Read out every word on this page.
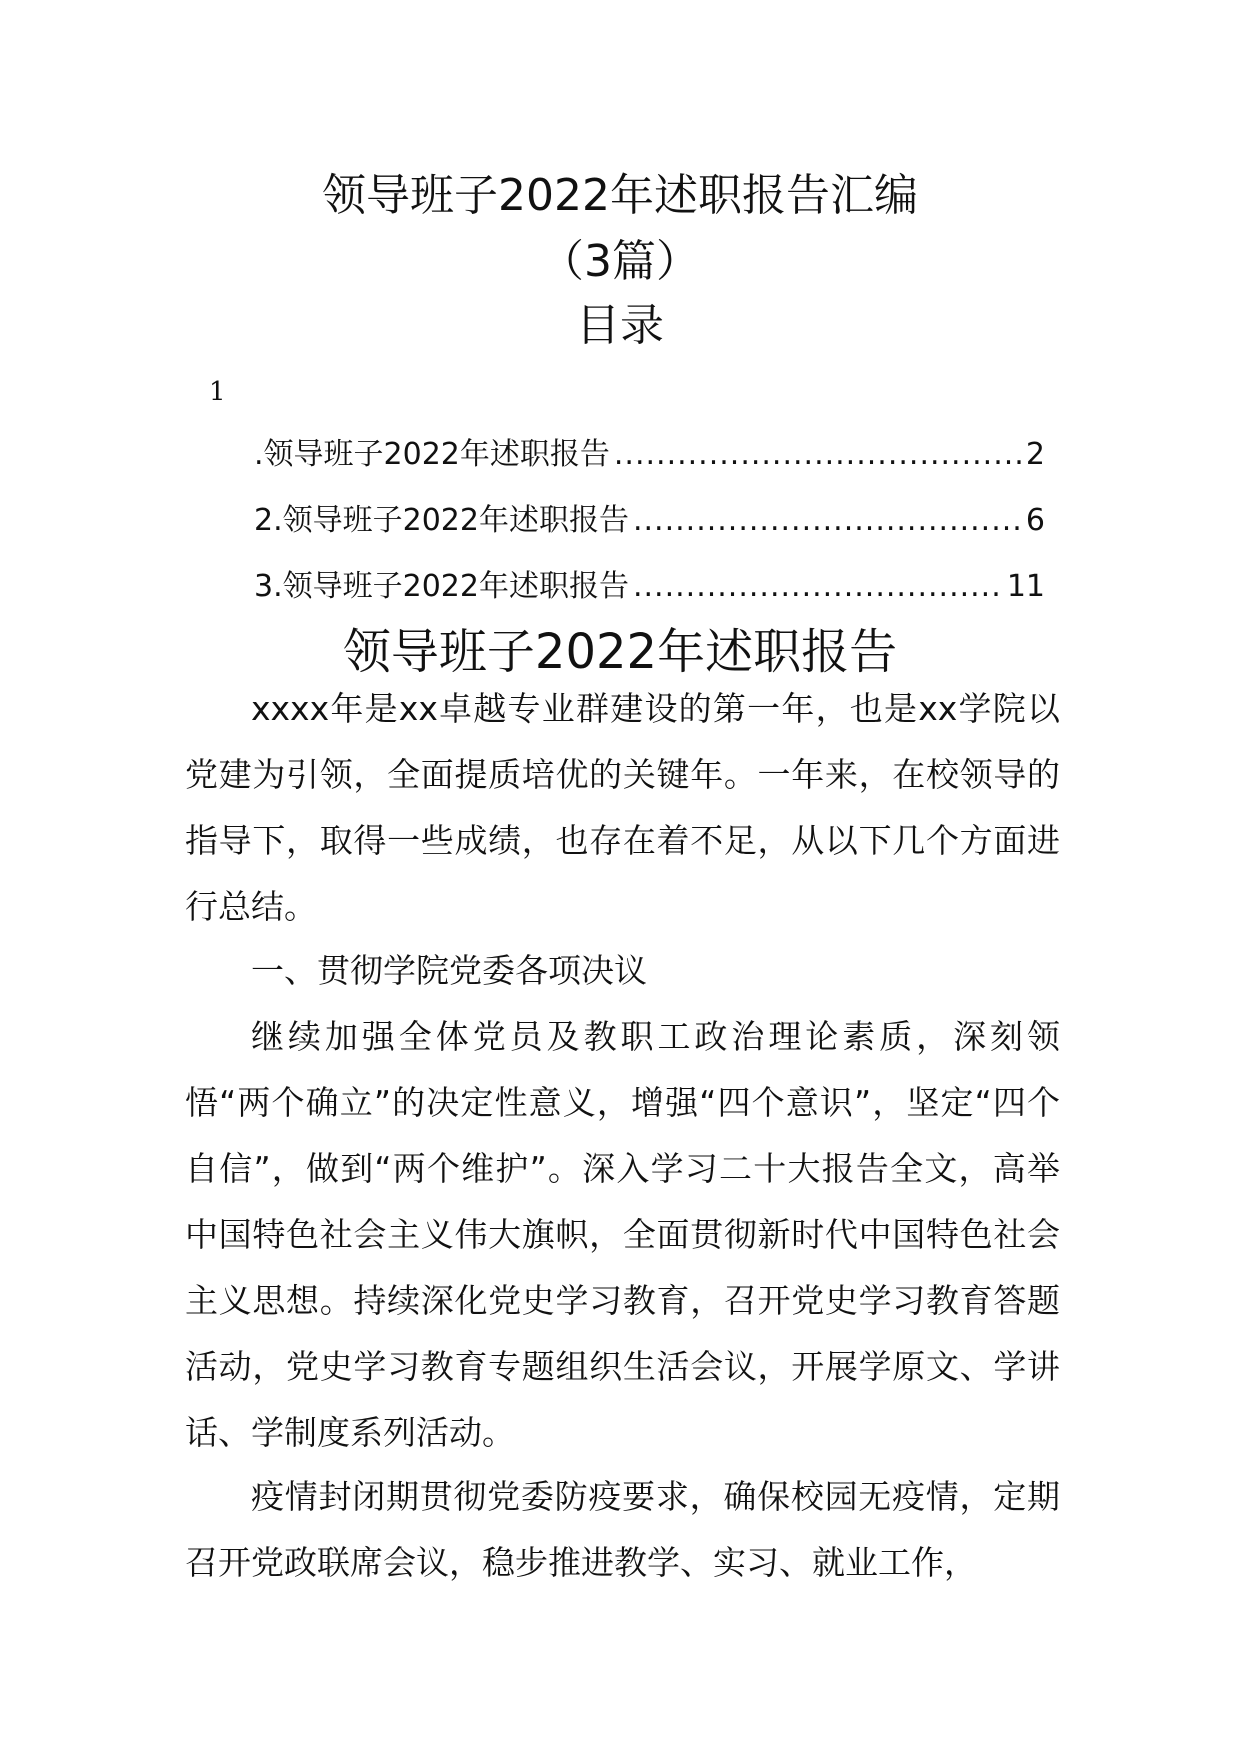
领导班子2022年述职报告汇编
（3篇）
目录
1
.领导班子2022年述职报告 .....	2
2.领导班子2022年述职报告 .....	6
3.领导班子2022年述职报告 .....	11
领导班子2022年述职报告

xxxx年是xx卓越专业群建设的第一年，也是xx学院以党建为引领，全面提质培优的关键年。一年来，在校领导的指导下，取得一些成绩，也存在着不足，从以下几个方面进行总结。

一、贯彻学院党委各项决议

继续加强全体党员及教职工政治理论素质，深刻领悟“两个确立”的决定性意义，增强“四个意识”，坚定“四个自信”，做到“两个维护”。深入学习二十大报告全文，高举中国特色社会主义伟大旗帜，全面贯彻新时代中国特色社会主义思想。持续深化党史学习教育，召开党史学习教育答题活动，党史学习教育专题组织生活会议，开展学原文、学讲话、学制度系列活动。

疫情封闭期贯彻党委防疫要求，确保校园无疫情，定期召开党政联席会议，稳步推进教学、实习、就业工作，
